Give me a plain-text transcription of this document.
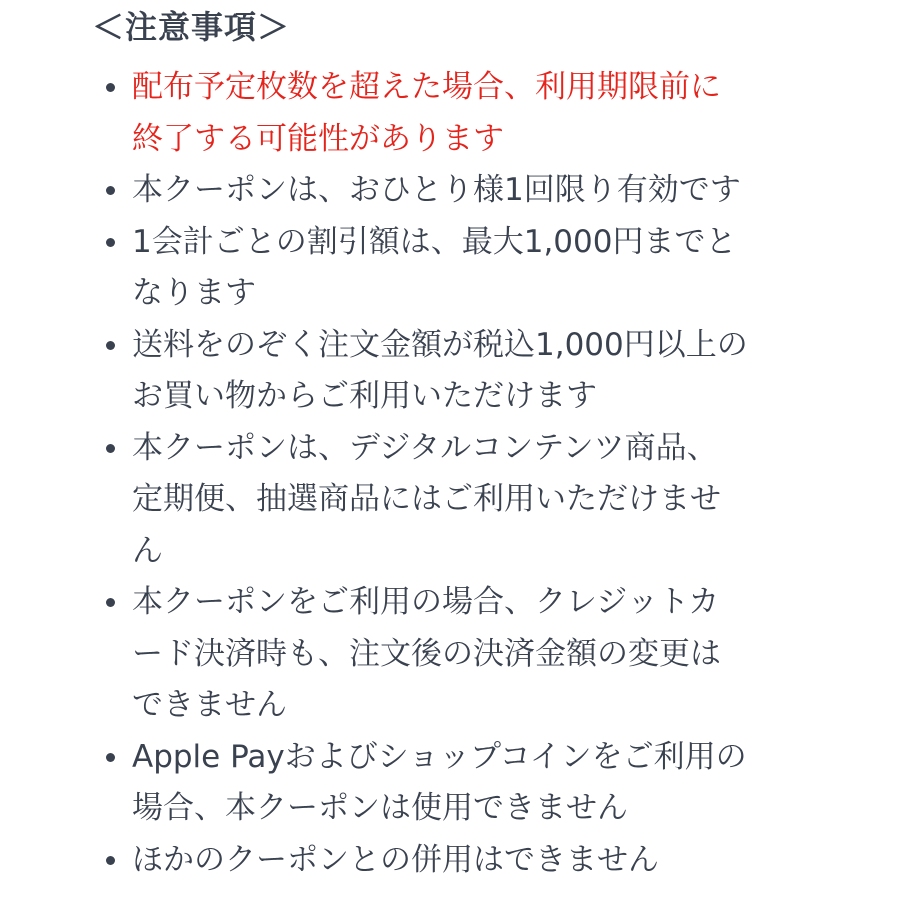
＜注意事項＞
配布予定枚数を超えた場合、利用期限前に
終了する可能性があります
本クーポンは、おひとり様1回限り有効です
1会計ごとの割引額は、最大1,000円までと
なります
送料をのぞく注文金額が税込1,000円以上の
お買い物からご利用いただけます
本クーポンは、デジタルコンテンツ商品、
定期便、抽選商品にはご利用いただけませ
ん
本クーポンをご利用の場合、クレジットカ
ード決済時も、注文後の決済金額の変更は
できません
Apple Payおよびショップコインをご利用の
場合、本クーポンは使用できません
ほかのクーポンとの併用はできません
